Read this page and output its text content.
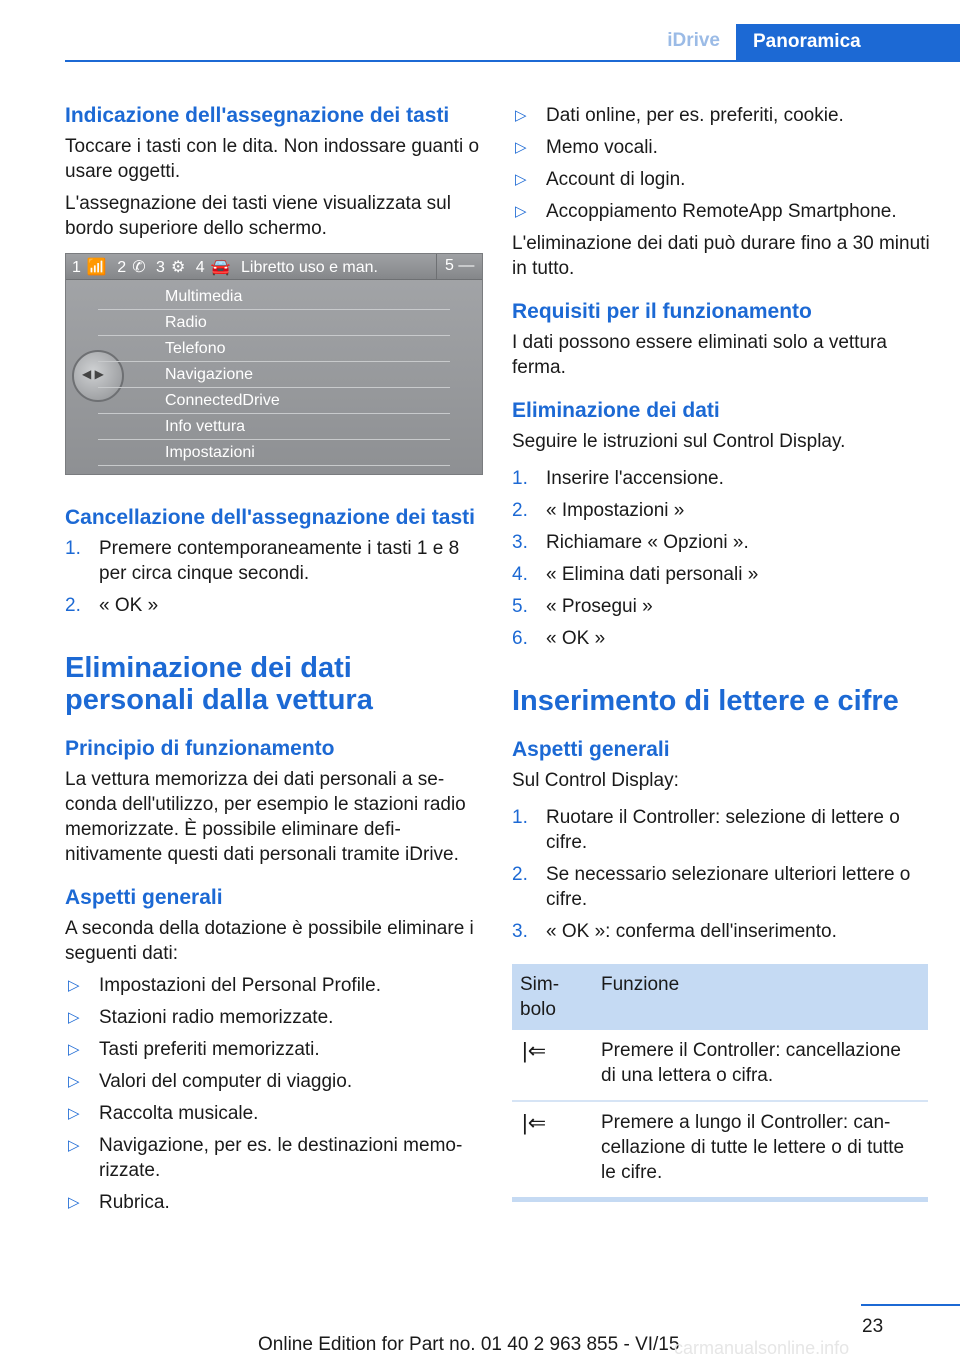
iDrive	Panoramica
Indicazione dell'assegnazione dei tasti

Toccare i tasti con le dita. Non indossare guanti o usare oggetti.

L'assegnazione dei tasti viene visualizzata sul bordo superiore dello schermo.

1 📶 2 ✆ 3 ⚙ 4 🚘 Libretto uso e man.	5 —
◀ ▶
Multimedia
Radio
Telefono
Navigazione
ConnectedDrive
Info vettura
Impostazioni
Cancellazione dell'assegnazione dei tasti
1. Premere contemporaneamente i tasti 1 e 8 per circa cinque secondi.
2. « OK »
Eliminazione dei dati personali dalla vettura
Principio di funzionamento

La vettura memorizza dei dati personali a seconda dell'utilizzo, per esempio le stazioni radio memorizzate. È possibile eliminare definitivamente questi dati personali tramite iDrive.

Aspetti generali

A seconda della dotazione è possibile eliminare i seguenti dati:

▷ Impostazioni del Personal Profile.
▷ Stazioni radio memorizzate.
▷ Tasti preferiti memorizzati.
▷ Valori del computer di viaggio.
▷ Raccolta musicale.
▷ Navigazione, per es. le destinazioni memorizzate.
▷ Rubrica.
▷ Dati online, per es. preferiti, cookie.
▷ Memo vocali.
▷ Account di login.
▷ Accoppiamento RemoteApp Smartphone.

L'eliminazione dei dati può durare fino a 30 minuti in tutto.

Requisiti per il funzionamento

I dati possono essere eliminati solo a vettura ferma.

Eliminazione dei dati

Seguire le istruzioni sul Control Display.

1. Inserire l'accensione.
2. « Impostazioni »
3. Richiamare « Opzioni ».
4. « Elimina dati personali »
5. « Prosegui »
6. « OK »
Inserimento di lettere e cifre
Aspetti generali

Sul Control Display:

1. Ruotare il Controller: selezione di lettere o cifre.
2. Se necessario selezionare ulteriori lettere o cifre.
3. « OK »: conferma dell'inserimento.
Simbolo	Funzione
|⇐	Premere il Controller: cancellazione di una lettera o cifra.
|⇐	Premere a lungo il Controller: cancellazione di tutte le lettere o di tutte le cifre.
23
Online Edition for Part no. 01 40 2 963 855 - VI/15
carmanualsonline.info
